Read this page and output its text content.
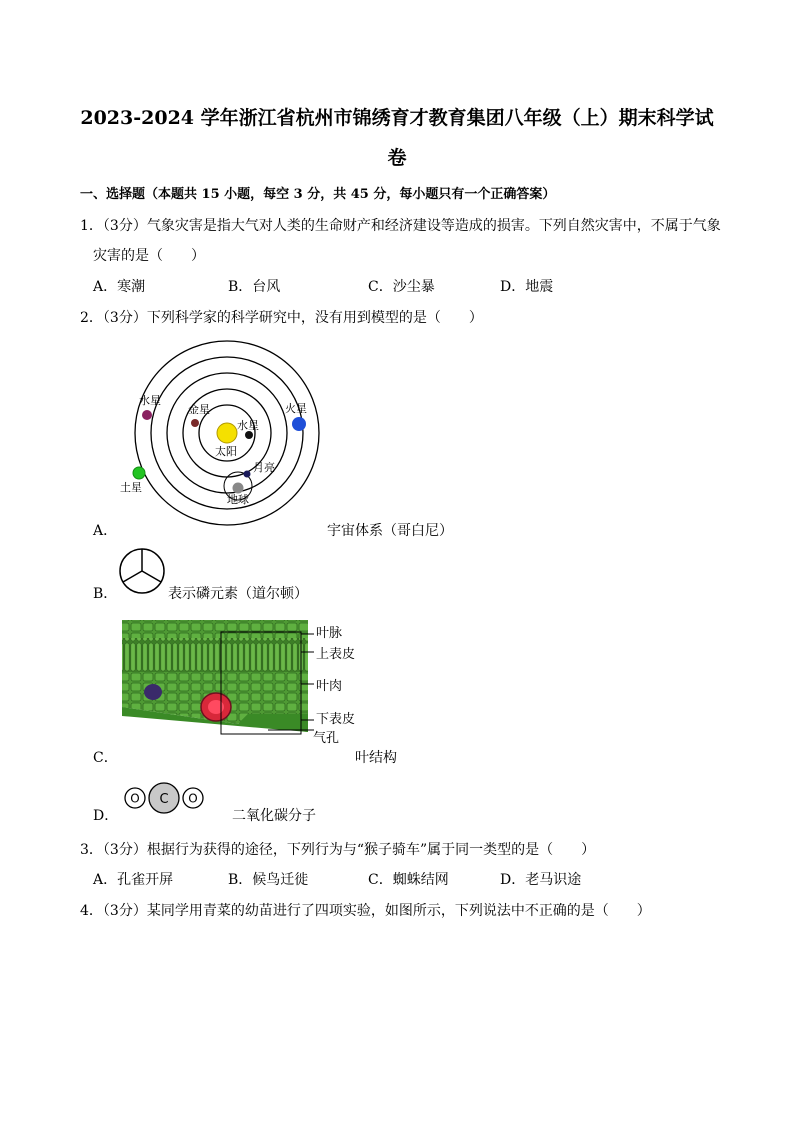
2023-2024 学年浙江省杭州市锦绣育才教育集团八年级（上）期末科学试
卷
一、选择题（本题共 15 小题，每空 3 分，共 45 分，每小题只有一个正确答案）
1．（3分）气象灾害是指大气对人类的生命财产和经济建设等造成的损害。下列自然灾害中，不属于气象
灾害的是（　　）
A．寒潮	B．台风	C．沙尘暴	D．地震
2．（3分）下列科学家的科学研究中，没有用到模型的是（　　）
水星
金星
水星
火星
太阳
月亮
地球
土星
A．	宇宙体系（哥白尼）
B．	表示磷元素（道尔顿）
叶脉
上表皮
叶肉
下表皮
气孔
C．	叶结构
O C O
D．	二氧化碳分子
3．（3分）根据行为获得的途径，下列行为与“猴子骑车”属于同一类型的是（　　）
A．孔雀开屏	B．候鸟迁徙	C．蜘蛛结网	D．老马识途
4．（3分）某同学用青菜的幼苗进行了四项实验，如图所示，下列说法中不正确的是（　　）
